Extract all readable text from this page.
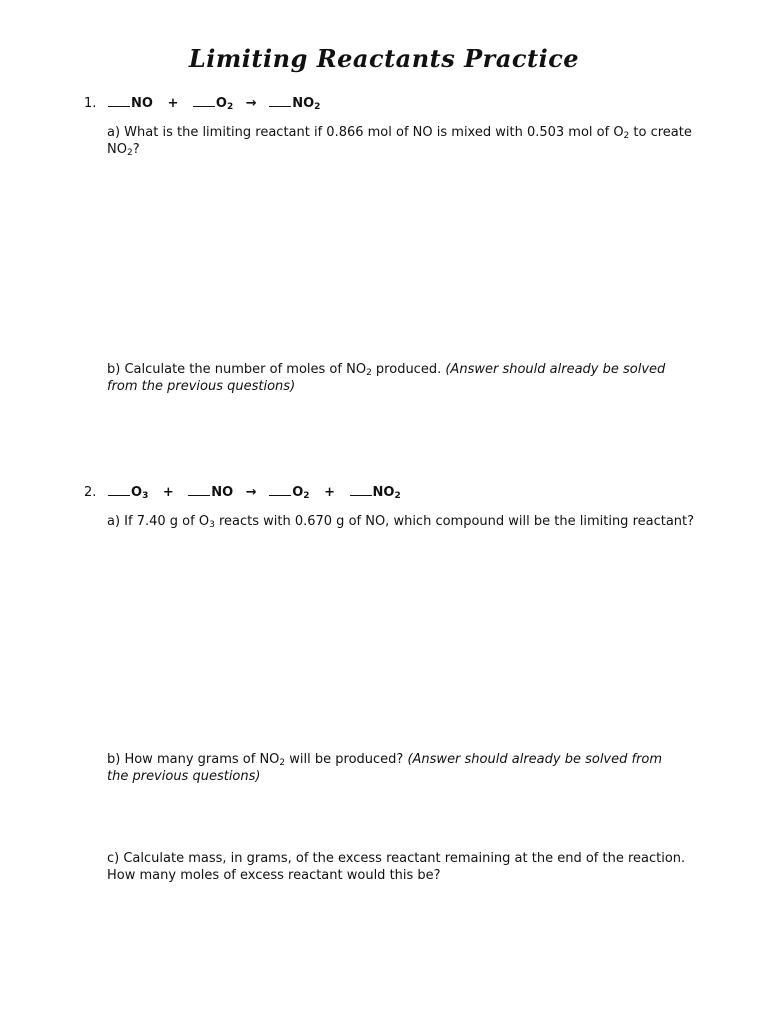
Limiting Reactants Practice
1.	NO +	$O_2$ →	$NO_2$
a) What is the limiting reactant if 0.866 mol of NO is mixed with 0.503 mol of $O_2$ to create $NO_2$?
b) Calculate the number of moles of $NO_2$ produced. (Answer should already be solved from the previous questions)
2.	$O_3$ +	NO →	$O_2$ +	$NO_2$
a) If 7.40 g of $O_3$ reacts with 0.670 g of NO, which compound will be the limiting reactant?
b) How many grams of $NO_2$ will be produced? (Answer should already be solved from the previous questions)
c) Calculate mass, in grams, of the excess reactant remaining at the end of the reaction.
How many moles of excess reactant would this be?
